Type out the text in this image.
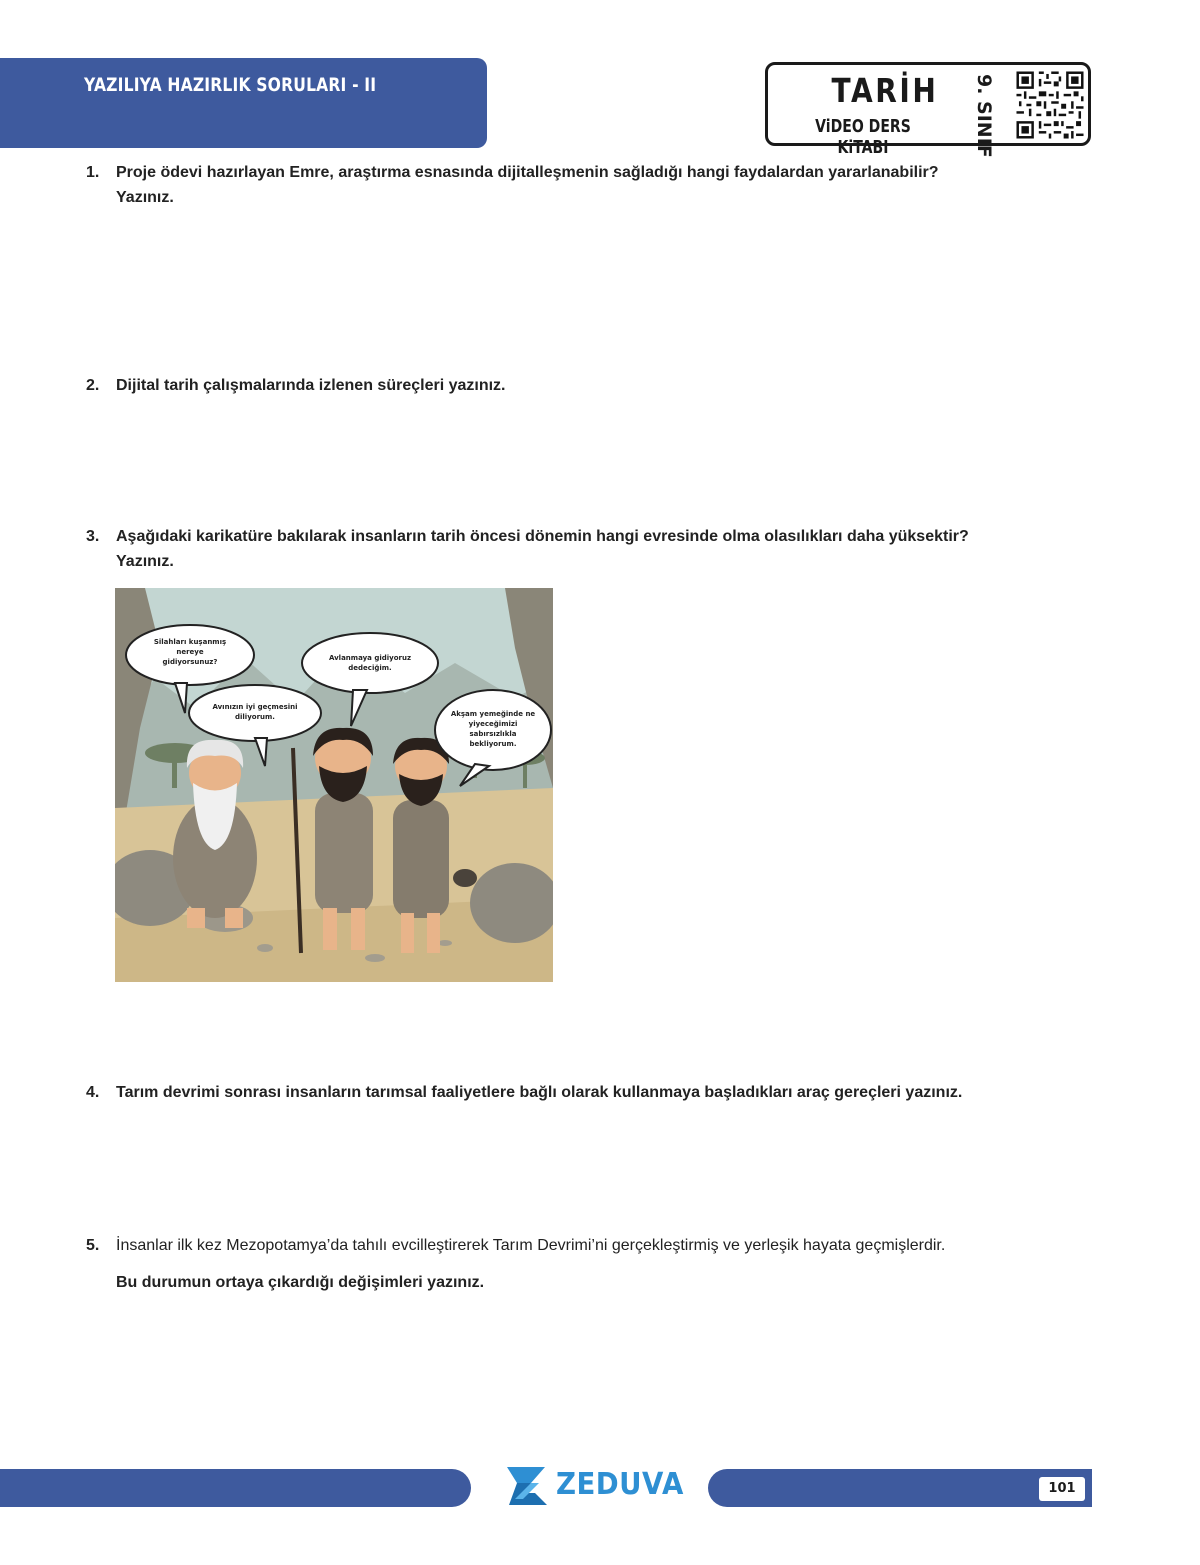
YAZILIYA HAZIRLIK SORULARI - II	TARİH
ViDEO DERS KiTABI	9. SINIF
1. Proje ödevi hazırlayan Emre, araştırma esnasında dijitalleşmenin sağladığı hangi faydalardan yararlanabilir?
Yazınız.
2. Dijital tarih çalışmalarında izlenen süreçleri yazınız.
3. Aşağıdaki karikatüre bakılarak insanların tarih öncesi dönemin hangi evresinde olma olasılıkları daha yüksektir?
Yazınız.
Silahları kuşanmış
nereye
gidiyorsunuz?
Avınızın iyi geçmesini
diliyorum.
Avlanmaya gidiyoruz
dedeciğim.
Akşam yemeğinde ne
yiyeceğimizi
sabırsızlıkla
bekliyorum.
4. Tarım devrimi sonrası insanların tarımsal faaliyetlere bağlı olarak kullanmaya başladıkları araç gereçleri yazınız.
5. İnsanlar ilk kez Mezopotamya’da tahılı evcilleştirerek Tarım Devrimi’ni gerçekleştirmiş ve yerleşik hayata geçmişlerdir.
Bu durumun ortaya çıkardığı değişimleri yazınız.
101
ZEDUVA
